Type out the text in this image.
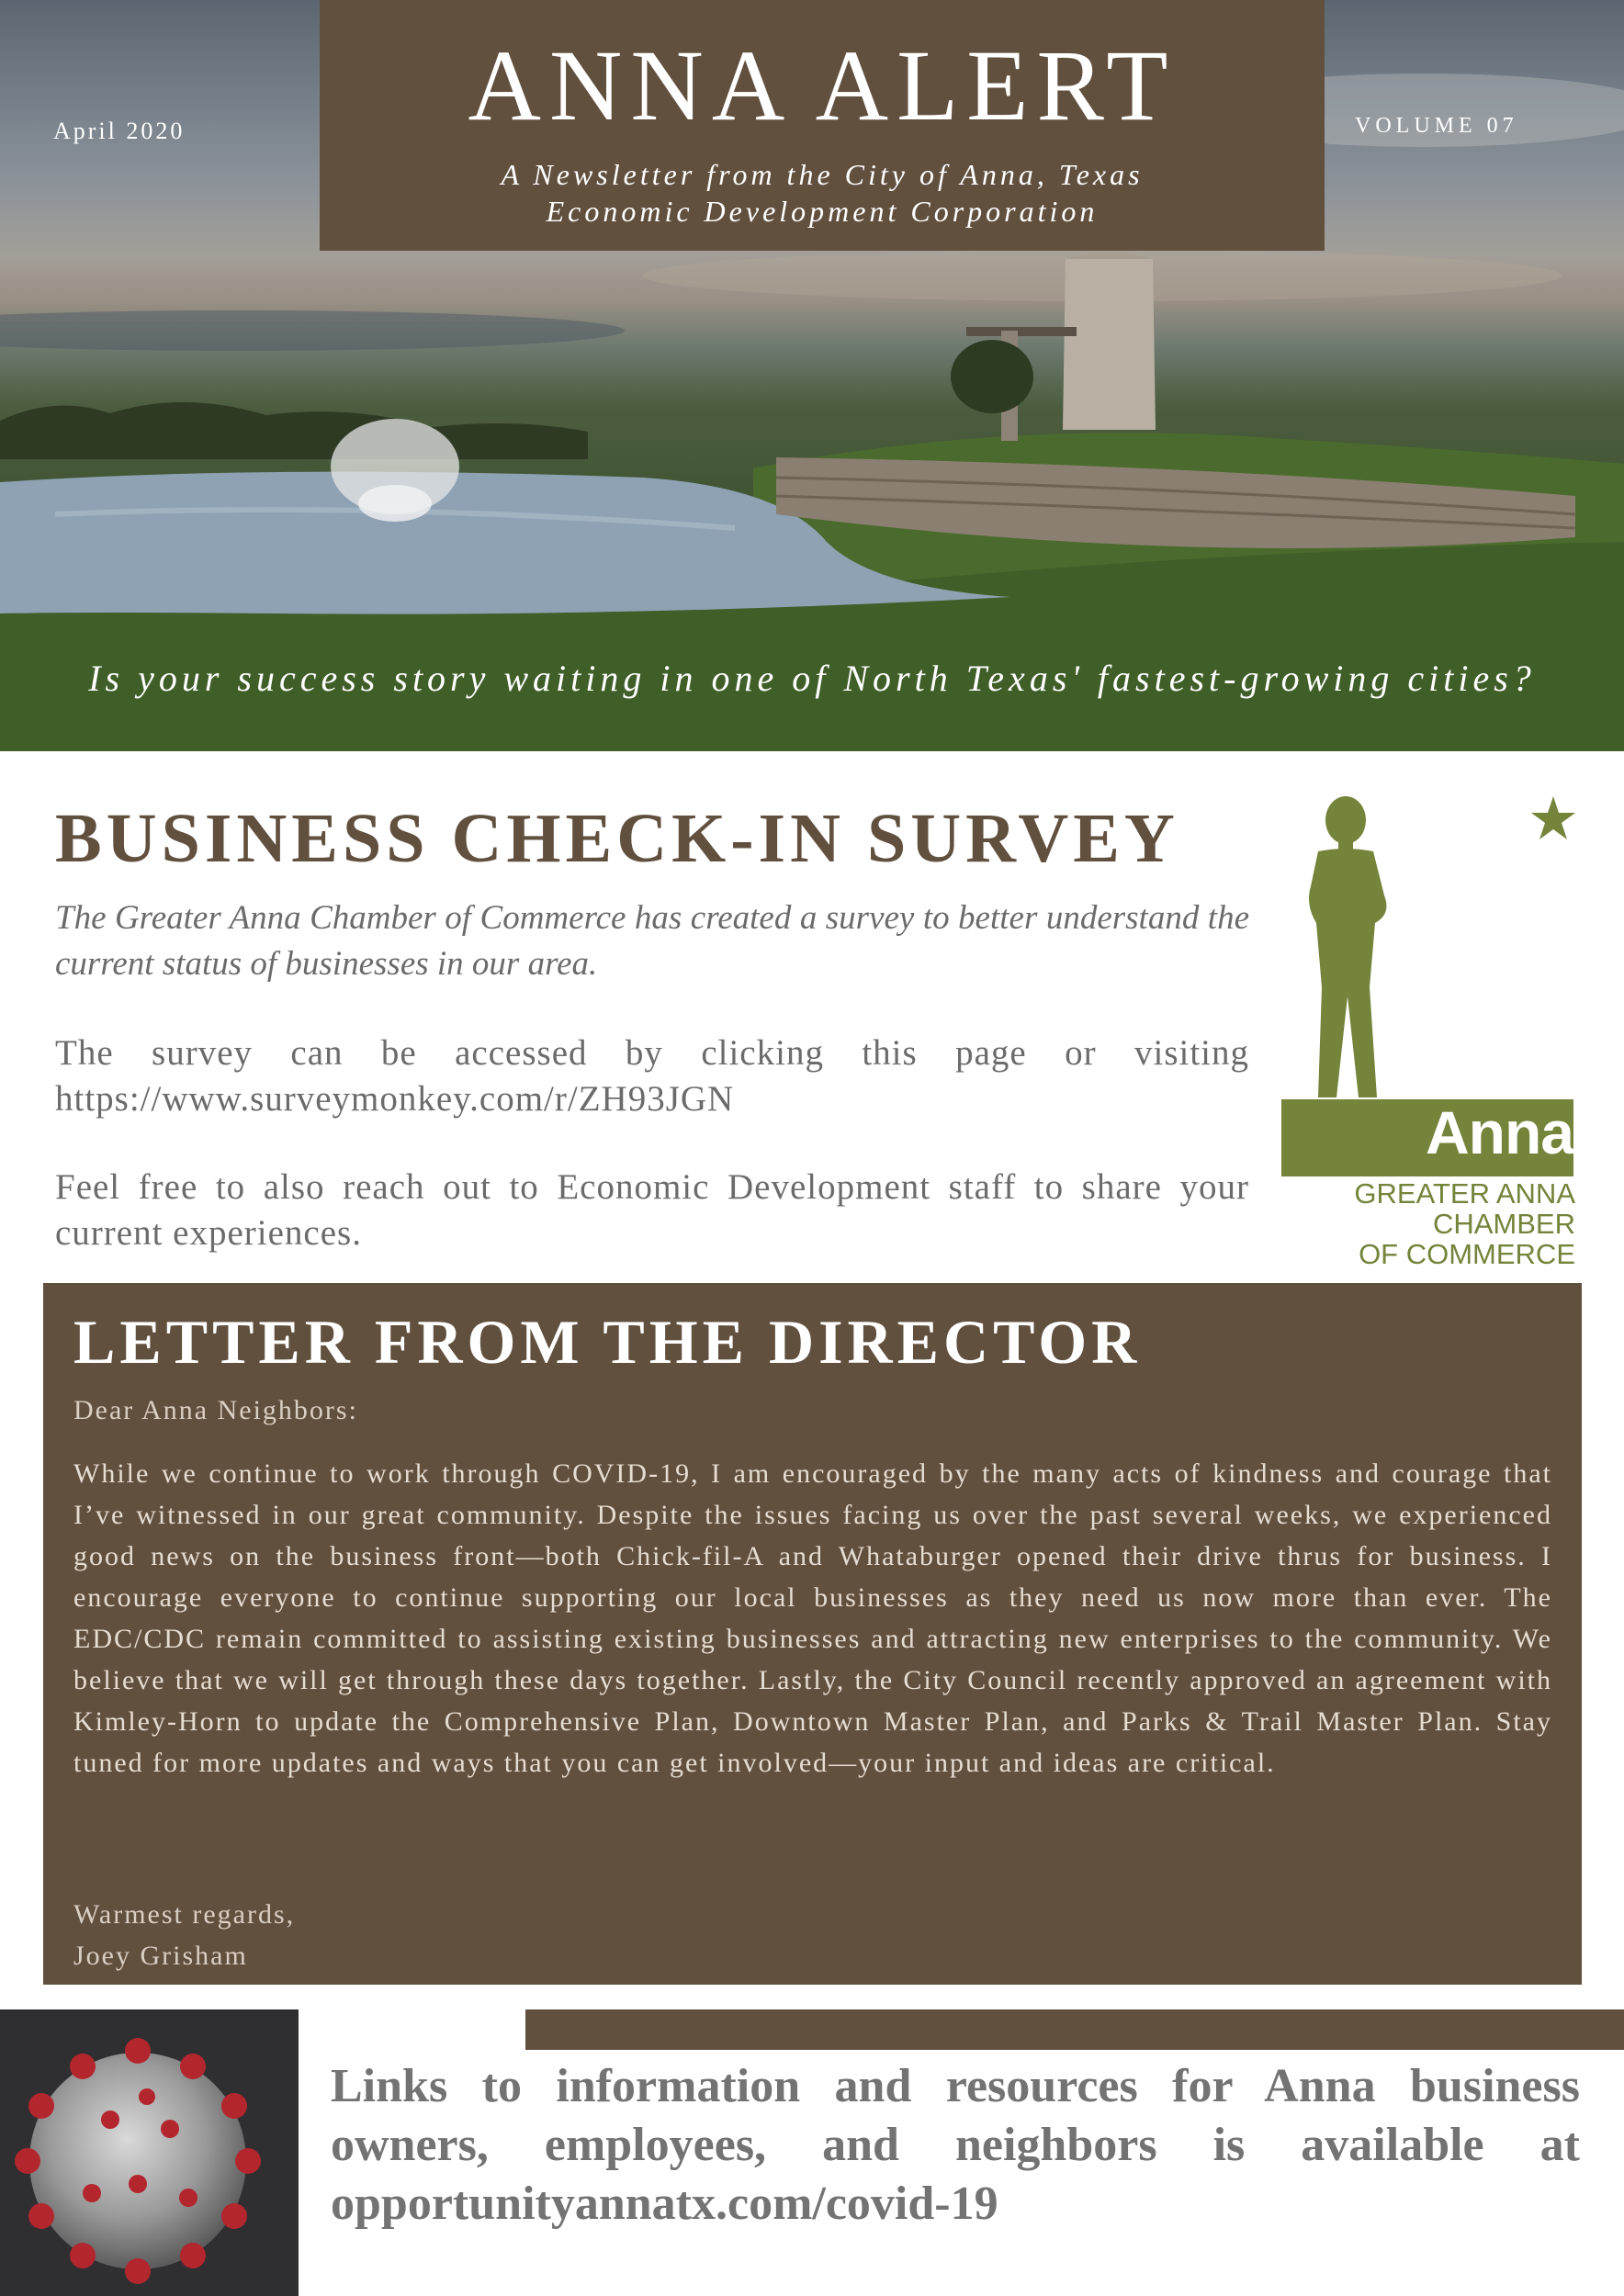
ANNA ALERT
A Newsletter from the City of Anna, Texas
Economic Development Corporation
April 2020	VOLUME 07
Is your success story waiting in one of North Texas' fastest-growing cities?
BUSINESS CHECK-IN SURVEY

The Greater Anna Chamber of Commerce has created a survey to better understand the current status of businesses in our area.

The survey can be accessed by clicking this page or visiting https://www.surveymonkey.com/r/ZH93JGN

Feel free to also reach out to Economic Development staff to share your current experiences.

Anna
GREATER ANNA
CHAMBER
OF COMMERCE
LETTER FROM THE DIRECTOR
Dear Anna Neighbors:

While we continue to work through COVID-19, I am encouraged by the many acts of kindness and courage that I’ve witnessed in our great community. Despite the issues facing us over the past several weeks, we experienced good news on the business front—both Chick-fil-A and Whataburger opened their drive thrus for business. I encourage everyone to continue supporting our local businesses as they need us now more than ever. The EDC/CDC remain committed to assisting existing businesses and attracting new enterprises to the community. We believe that we will get through these days together. Lastly, the City Council recently approved an agreement with Kimley-Horn to update the Comprehensive Plan, Downtown Master Plan, and Parks & Trail Master Plan. Stay tuned for more updates and ways that you can get involved—your input and ideas are critical.

Warmest regards,
Joey Grisham

Links to information and resources for Anna business owners, employees, and neighbors is available at opportunityannatx.com/covid-19
